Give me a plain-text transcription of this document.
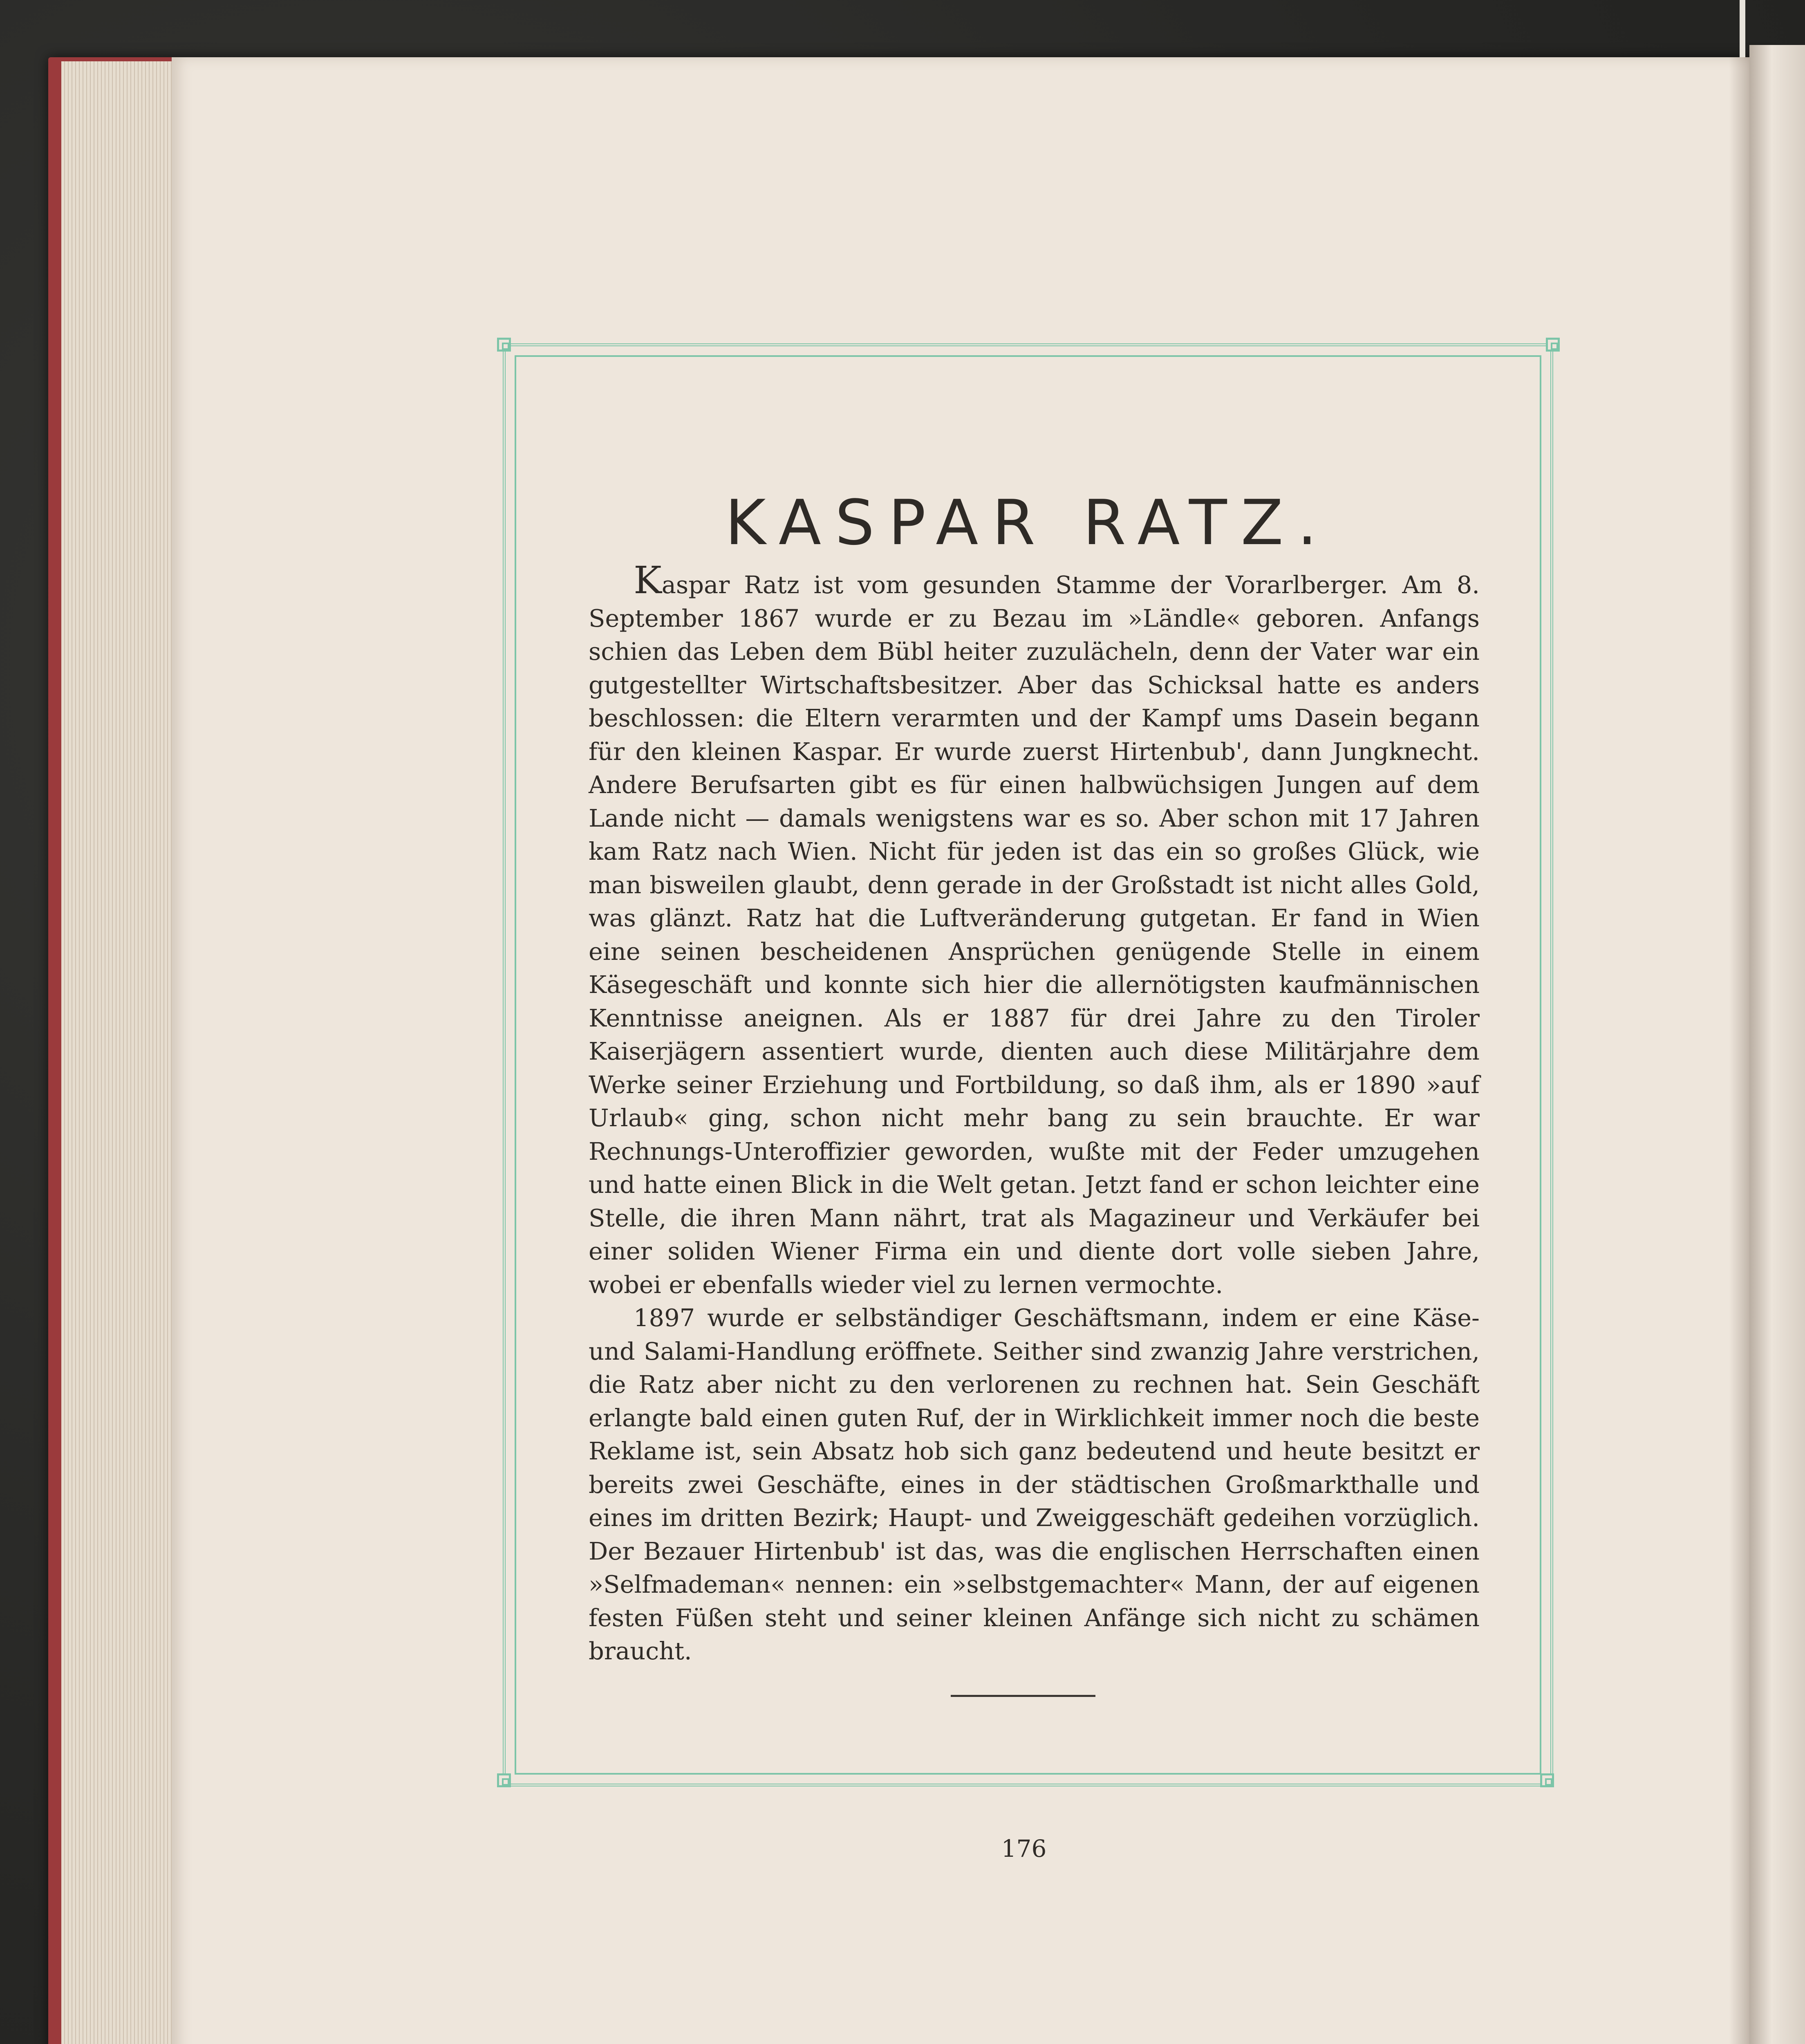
KASPAR RATZ.

Kaspar Ratz ist vom gesunden Stamme der Vorarlberger. Am 8. September 1867 wurde er zu Bezau im »Ländle« geboren. Anfangs schien das Leben dem Bübl heiter zuzulächeln, denn der Vater war ein gutgestellter Wirtschaftsbesitzer. Aber das Schicksal hatte es anders beschlossen: die Eltern verarmten und der Kampf ums Dasein begann für den kleinen Kaspar. Er wurde zuerst Hirtenbub', dann Jungknecht. Andere Berufsarten gibt es für einen halbwüchsigen Jungen auf dem Lande nicht — damals wenigstens war es so. Aber schon mit 17 Jahren kam Ratz nach Wien. Nicht für jeden ist das ein so großes Glück, wie man bisweilen glaubt, denn gerade in der Großstadt ist nicht alles Gold, was glänzt. Ratz hat die Luftveränderung gutgetan. Er fand in Wien eine seinen bescheidenen Ansprüchen genügende Stelle in einem Käsegeschäft und konnte sich hier die allernötigsten kaufmännischen Kenntnisse aneignen. Als er 1887 für drei Jahre zu den Tiroler Kaiserjägern assentiert wurde, dienten auch diese Militärjahre dem Werke seiner Erziehung und Fortbildung, so daß ihm, als er 1890 »auf Urlaub« ging, schon nicht mehr bang zu sein brauchte. Er war Rechnungs-Unteroffizier geworden, wußte mit der Feder umzugehen und hatte einen Blick in die Welt getan. Jetzt fand er schon leichter eine Stelle, die ihren Mann nährt, trat als Magazineur und Verkäufer bei einer soliden Wiener Firma ein und diente dort volle sieben Jahre, wobei er ebenfalls wieder viel zu lernen vermochte.

1897 wurde er selbständiger Geschäftsmann, indem er eine Käse- und Salami-Handlung eröffnete. Seither sind zwanzig Jahre verstrichen, die Ratz aber nicht zu den verlorenen zu rechnen hat. Sein Geschäft erlangte bald einen guten Ruf, der in Wirklichkeit immer noch die beste Reklame ist, sein Absatz hob sich ganz bedeutend und heute besitzt er bereits zwei Geschäfte, eines in der städtischen Großmarkthalle und eines im dritten Bezirk; Haupt- und Zweiggeschäft gedeihen vorzüglich. Der Bezauer Hirtenbub' ist das, was die englischen Herrschaften einen »Selfmademan« nennen: ein »selbstgemachter« Mann, der auf eigenen festen Füßen steht und seiner kleinen Anfänge sich nicht zu schämen braucht.

176
